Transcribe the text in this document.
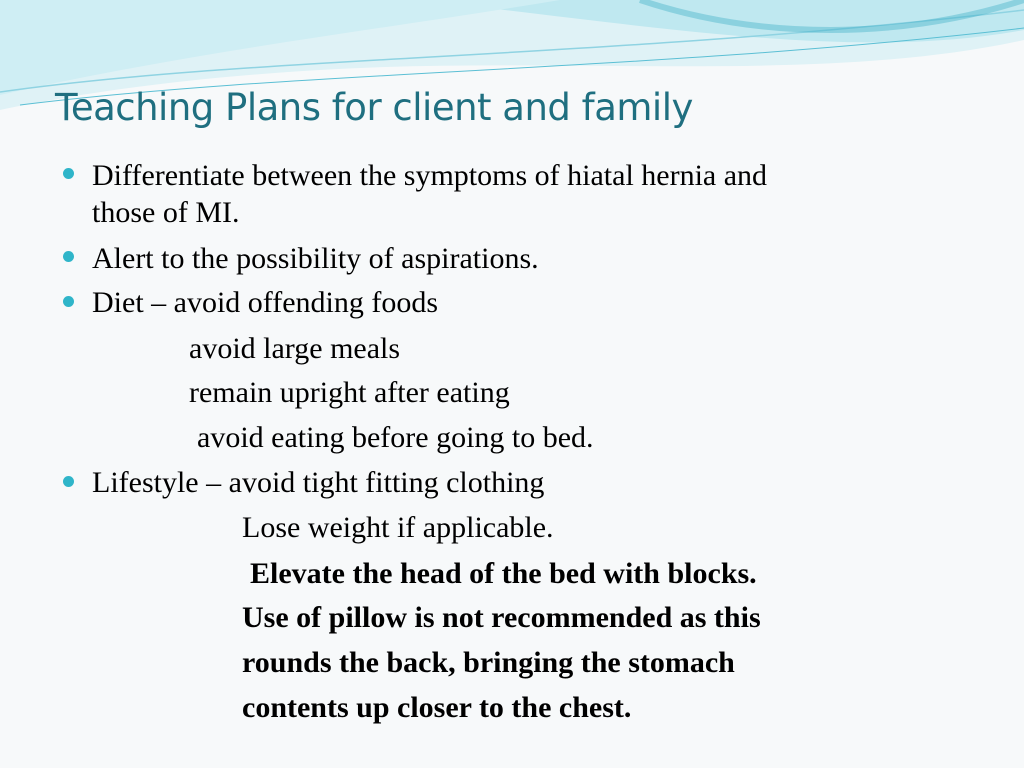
Teaching Plans for client and family
Differentiate between the symptoms of hiatal hernia and
those of MI.
Alert to the possibility of aspirations.
Diet – avoid offending foods
avoid large meals
remain upright after eating
avoid eating before going to bed.
Lifestyle – avoid tight fitting clothing
Lose weight if applicable.
Elevate the head of the bed with blocks.
Use of pillow is not recommended as this
rounds the back, bringing the stomach
contents up closer to the chest.
